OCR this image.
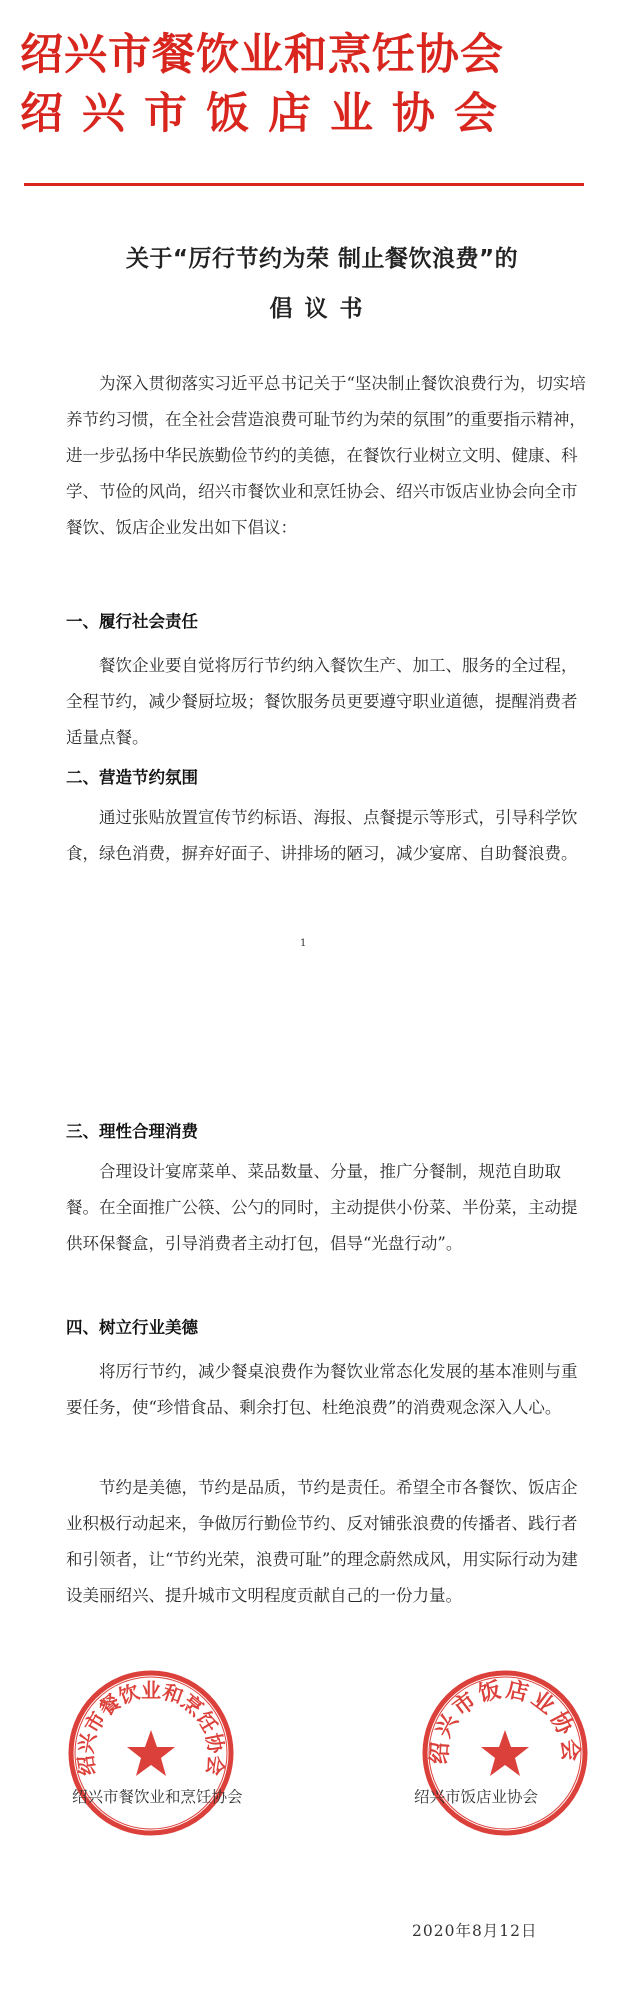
绍兴市餐饮业和烹饪协会
绍兴市饭店业协会
关于“厉行节约为荣 制止餐饮浪费”的
倡议书

为深入贯彻落实习近平总书记关于“坚决制止餐饮浪费行为，切实培养节约习惯，在全社会营造浪费可耻节约为荣的氛围”的重要指示精神，进一步弘扬中华民族勤俭节约的美德，在餐饮行业树立文明、健康、科学、节俭的风尚，绍兴市餐饮业和烹饪协会、绍兴市饭店业协会向全市餐饮、饭店企业发出如下倡议：

一、履行社会责任

餐饮企业要自觉将厉行节约纳入餐饮生产、加工、服务的全过程，全程节约，减少餐厨垃圾；餐饮服务员更要遵守职业道德，提醒消费者适量点餐。

二、营造节约氛围

通过张贴放置宣传节约标语、海报、点餐提示等形式，引导科学饮食，绿色消费，摒弃好面子、讲排场的陋习，减少宴席、自助餐浪费。

1
三、理性合理消费

合理设计宴席菜单、菜品数量、分量，推广分餐制，规范自助取餐。在全面推广公筷、公勺的同时，主动提供小份菜、半份菜，主动提供环保餐盒，引导消费者主动打包，倡导“光盘行动”。

四、树立行业美德

将厉行节约，减少餐桌浪费作为餐饮业常态化发展的基本准则与重要任务，使“珍惜食品、剩余打包、杜绝浪费”的消费观念深入人心。

节约是美德，节约是品质，节约是责任。希望全市各餐饮、饭店企业积极行动起来，争做厉行勤俭节约、反对铺张浪费的传播者、践行者和引领者，让“节约光荣，浪费可耻”的理念蔚然成风，用实际行动为建设美丽绍兴、提升城市文明程度贡献自己的一份力量。

绍兴市餐饮业和烹饪协会
绍兴市饭店业协会
绍兴市餐饮业和烹饪协会	绍兴市饭店业协会
2020年8月12日
